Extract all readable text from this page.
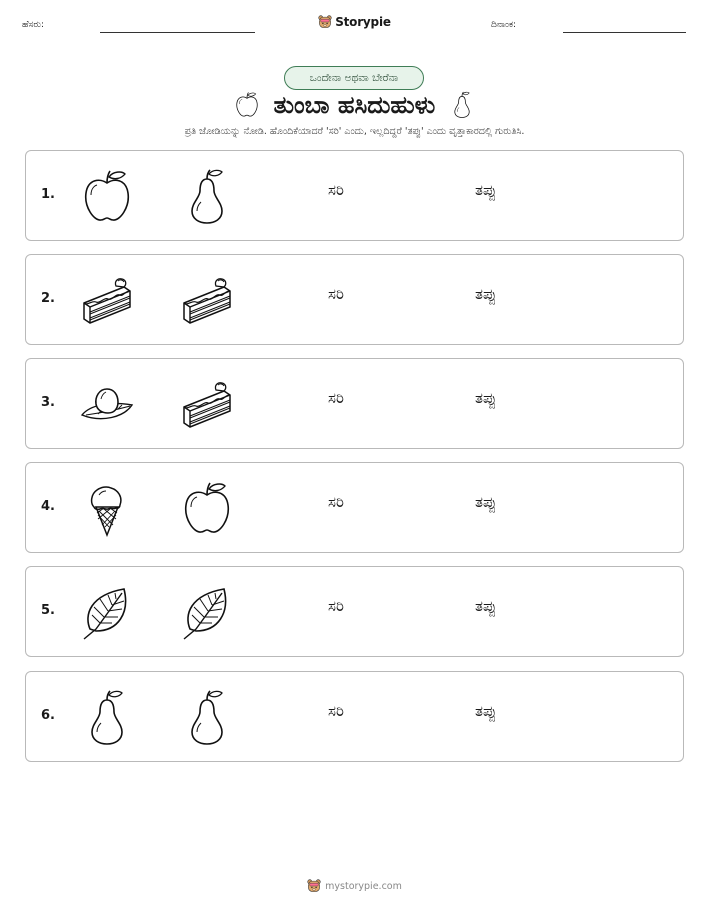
ಹೆಸರು:	Storypie	ದಿನಾಂಕ:
ಒಂದೇನಾ ಅಥವಾ ಬೇರೆನಾ
ತುಂಬಾ ಹಸಿದುಹುಳು
ಪ್ರತಿ ಜೋಡಿಯನ್ನು ನೋಡಿ. ಹೊಂದಿಕೆಯಾದರೆ 'ಸರಿ' ಎಂದು, ಇಲ್ಲದಿದ್ದರೆ 'ತಪ್ಪು' ಎಂದು ವೃತ್ತಾಕಾರದಲ್ಲಿ ಗುರುತಿಸಿ.
1.	ಸರಿ	ತಪ್ಪು
2.	ಸರಿ	ತಪ್ಪು
3.	ಸರಿ	ತಪ್ಪು
4.	ಸರಿ	ತಪ್ಪು
5.	ಸರಿ	ತಪ್ಪು
6.	ಸರಿ	ತಪ್ಪು
mystorypie.com
